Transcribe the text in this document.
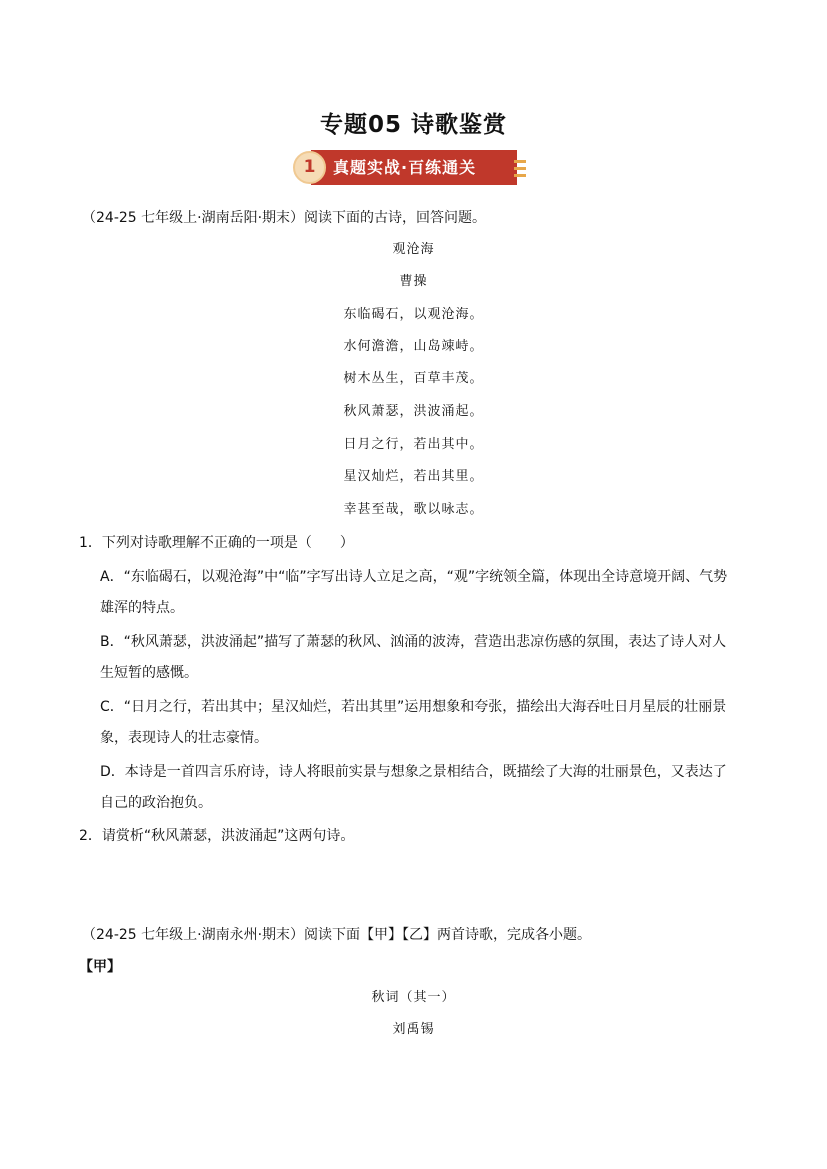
专题05 诗歌鉴赏
1	真题实战·百练通关
（24-25 七年级上·湖南岳阳·期末）阅读下面的古诗，回答问题。
观沧海
曹操
东临碣石，以观沧海。
水何澹澹，山岛竦峙。
树木丛生，百草丰茂。
秋风萧瑟，洪波涌起。
日月之行，若出其中。
星汉灿烂，若出其里。
幸甚至哉，歌以咏志。
1．下列对诗歌理解不正确的一项是（　　）
A．“东临碣石，以观沧海”中“临”字写出诗人立足之高，“观”字统领全篇，体现出全诗意境开阔、气势
雄浑的特点。
B．“秋风萧瑟，洪波涌起”描写了萧瑟的秋风、汹涌的波涛，营造出悲凉伤感的氛围，表达了诗人对人
生短暂的感慨。
C．“日月之行，若出其中；星汉灿烂，若出其里”运用想象和夸张，描绘出大海吞吐日月星辰的壮丽景
象，表现诗人的壮志豪情。
D．本诗是一首四言乐府诗，诗人将眼前实景与想象之景相结合，既描绘了大海的壮丽景色，又表达了
自己的政治抱负。
2．请赏析“秋风萧瑟，洪波涌起”这两句诗。
（24-25 七年级上·湖南永州·期末）阅读下面【甲】【乙】两首诗歌，完成各小题。
【甲】
秋词（其一）
刘禹锡
